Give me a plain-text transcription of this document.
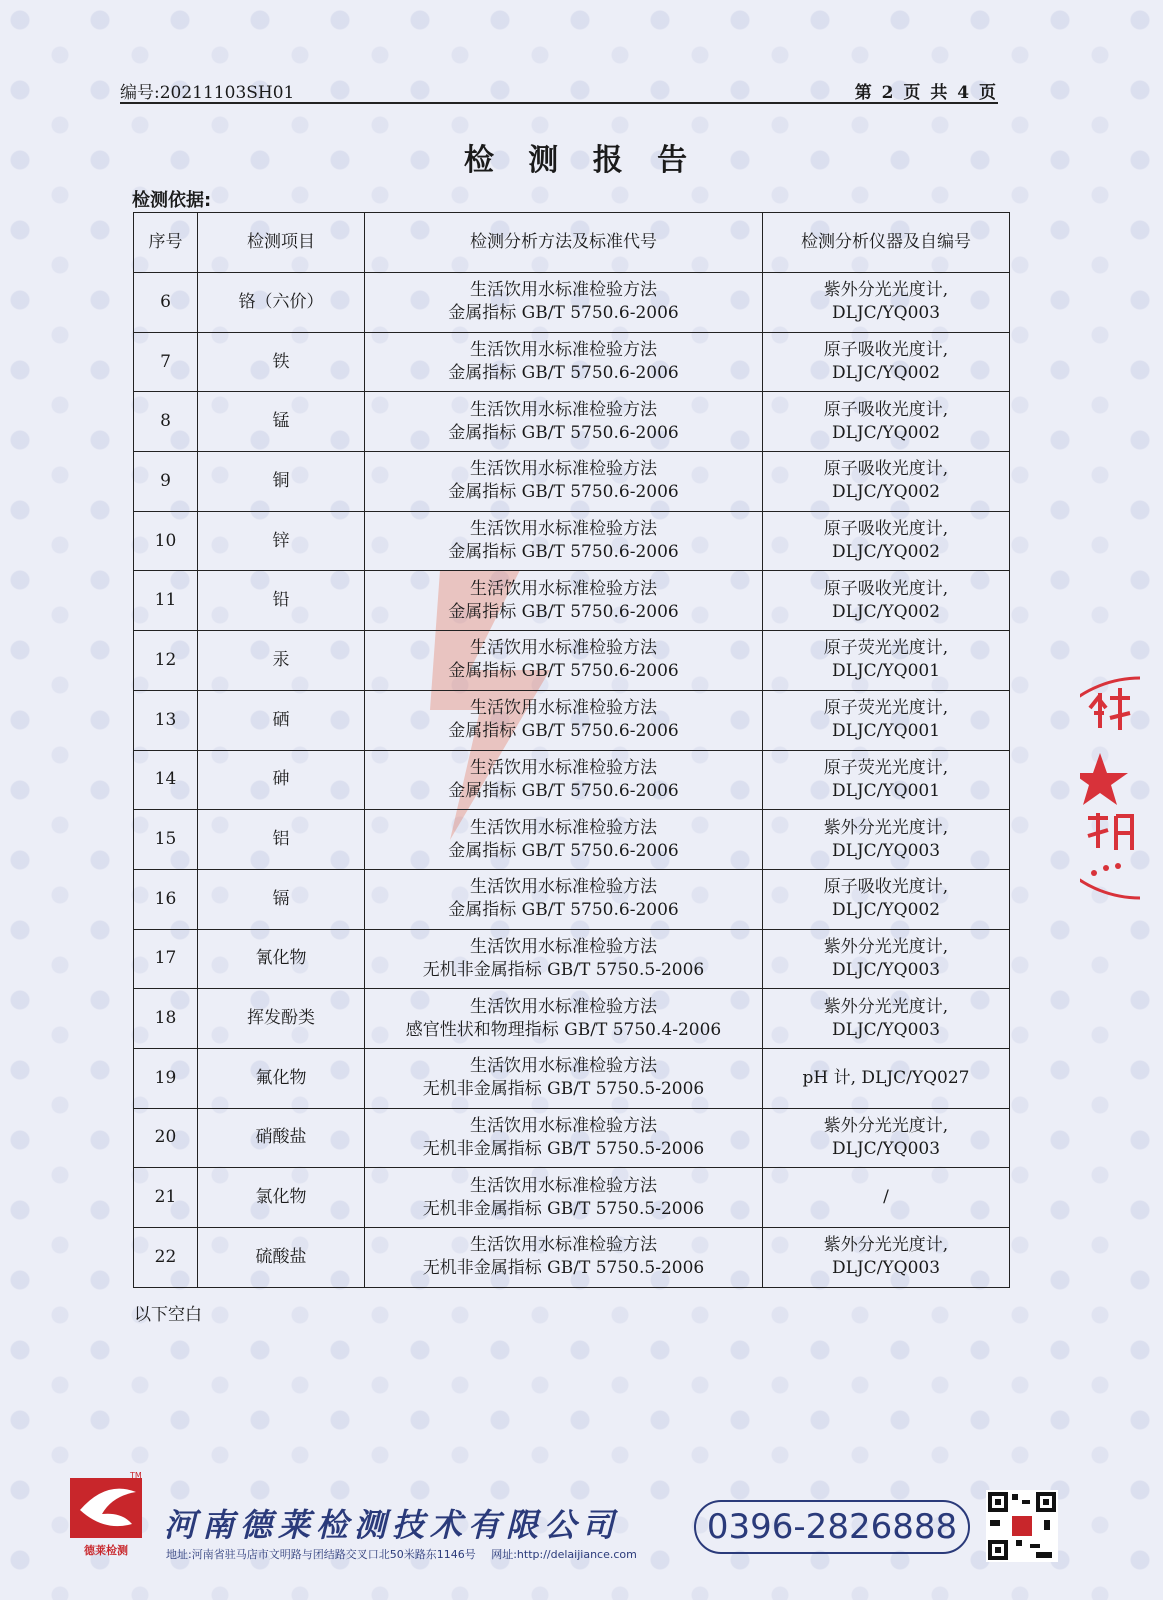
编号:20211103SH01	第 2 页 共 4 页
检 测 报 告
检测依据:
序号	检测项目	检测分析方法及标准代号	检测分析仪器及自编号
6	铬（六价）	生活饮用水标准检验方法
金属指标 GB/T 5750.6-2006	紫外分光光度计,
DLJC/YQ003
7	铁	生活饮用水标准检验方法
金属指标 GB/T 5750.6-2006	原子吸收光度计,
DLJC/YQ002
8	锰	生活饮用水标准检验方法
金属指标 GB/T 5750.6-2006	原子吸收光度计,
DLJC/YQ002
9	铜	生活饮用水标准检验方法
金属指标 GB/T 5750.6-2006	原子吸收光度计,
DLJC/YQ002
10	锌	生活饮用水标准检验方法
金属指标 GB/T 5750.6-2006	原子吸收光度计,
DLJC/YQ002
11	铅	生活饮用水标准检验方法
金属指标 GB/T 5750.6-2006	原子吸收光度计,
DLJC/YQ002
12	汞	生活饮用水标准检验方法
金属指标 GB/T 5750.6-2006	原子荧光光度计,
DLJC/YQ001
13	硒	生活饮用水标准检验方法
金属指标 GB/T 5750.6-2006	原子荧光光度计,
DLJC/YQ001
14	砷	生活饮用水标准检验方法
金属指标 GB/T 5750.6-2006	原子荧光光度计,
DLJC/YQ001
15	铝	生活饮用水标准检验方法
金属指标 GB/T 5750.6-2006	紫外分光光度计,
DLJC/YQ003
16	镉	生活饮用水标准检验方法
金属指标 GB/T 5750.6-2006	原子吸收光度计,
DLJC/YQ002
17	氰化物	生活饮用水标准检验方法
无机非金属指标 GB/T 5750.5-2006	紫外分光光度计,
DLJC/YQ003
18	挥发酚类	生活饮用水标准检验方法
感官性状和物理指标 GB/T 5750.4-2006	紫外分光光度计,
DLJC/YQ003
19	氟化物	生活饮用水标准检验方法
无机非金属指标 GB/T 5750.5-2006	pH 计, DLJC/YQ027
20	硝酸盐	生活饮用水标准检验方法
无机非金属指标 GB/T 5750.5-2006	紫外分光光度计,
DLJC/YQ003
21	氯化物	生活饮用水标准检验方法
无机非金属指标 GB/T 5750.5-2006	/
22	硫酸盐	生活饮用水标准检验方法
无机非金属指标 GB/T 5750.5-2006	紫外分光光度计,
DLJC/YQ003
以下空白
TM
德莱检测
河南德莱检测技术有限公司
地址:河南省驻马店市文明路与团结路交叉口北50米路东1146号 网址:http://delaijiance.com
0396-2826888
